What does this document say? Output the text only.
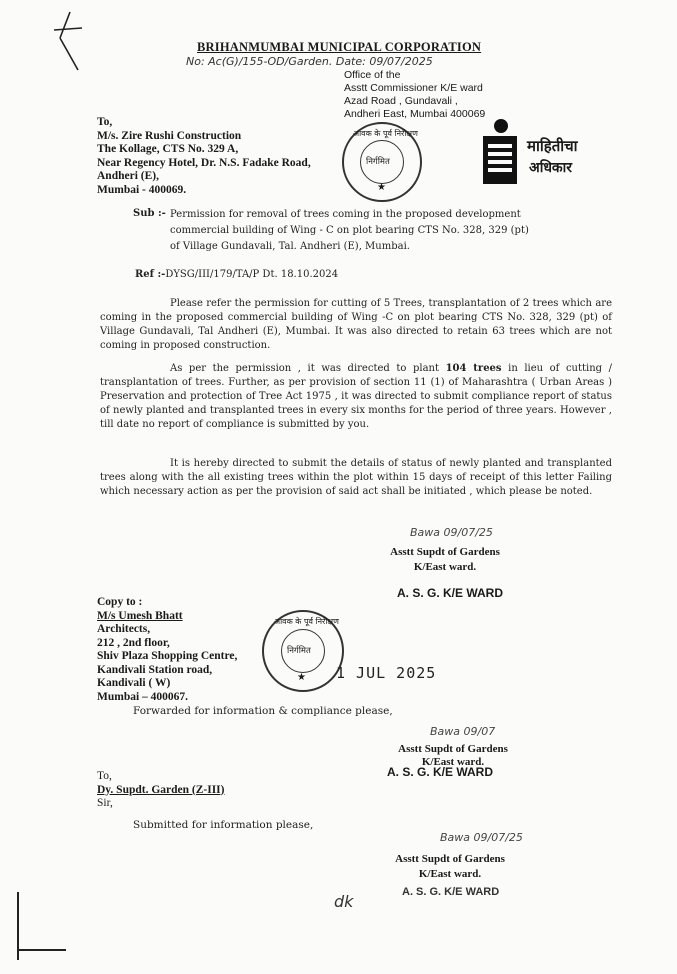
BRIHANMUMBAI MUNICIPAL CORPORATION
No: Ac(G)/155-OD/Garden. Date: 09/07/2025
Office of the
Asstt Commissioner K/E ward
Azad Road , Gundavali ,
Andheri East, Mumbai 400069
To,
M/s. Zire Rushi Construction
The Kollage, CTS No. 329 A,
Near Regency Hotel, Dr. N.S. Fadake Road,
Andheri (E),
Mumbai - 400069.
आवक के पूर्व निरीक्षण
निर्गमित
★
माहितीचा
अधिकार
Sub :- Permission for removal of trees coming in the proposed development
commercial building of Wing - C on plot bearing CTS No. 328, 329 (pt)
of Village Gundavali, Tal. Andheri (E), Mumbai.
Ref :-DYSG/III/179/TA/P Dt. 18.10.2024
Please refer the permission for cutting of 5 Trees, transplantation of 2 trees which are coming in the proposed commercial building of Wing -C on plot bearing CTS No. 328, 329 (pt) of Village Gundavali, Tal Andheri (E), Mumbai. It was also directed to retain 63 trees which are not coming in proposed construction.
As per the permission , it was directed to plant 104 trees in lieu of cutting / transplantation of trees. Further, as per provision of section 11 (1) of Maharashtra ( Urban Areas ) Preservation and protection of Tree Act 1975 , it was directed to submit compliance report of status of newly planted and transplanted trees in every six months for the period of three years. However , till date no report of compliance is submitted by you.
It is hereby directed to submit the details of status of newly planted and transplanted trees along with the all existing trees within the plot within 15 days of receipt of this letter Failing which necessary action as per the provision of said act shall be initiated , which please be noted.
Bawa 09/07/25
Asstt Supdt of Gardens
K/East ward.
A. S. G. K/E WARD
Copy to :
M/s Umesh Bhatt
Architects,
212 , 2nd floor,
Shiv Plaza Shopping Centre,
Kandivali Station road,
Kandivali ( W)
Mumbai – 400067.
आवक के पूर्व निरीक्षण
निर्गमित
★ 1 JUL 2025
Forwarded for information & compliance please,
Bawa 09/07
Asstt Supdt of Gardens
K/East ward.
A. S. G. K/E WARD
To,
Dy. Supdt. Garden (Z-III)
Sir,
Submitted for information please,
Bawa 09/07/25
Asstt Supdt of Gardens
K/East ward.
A. S. G. K/E WARD
dk
